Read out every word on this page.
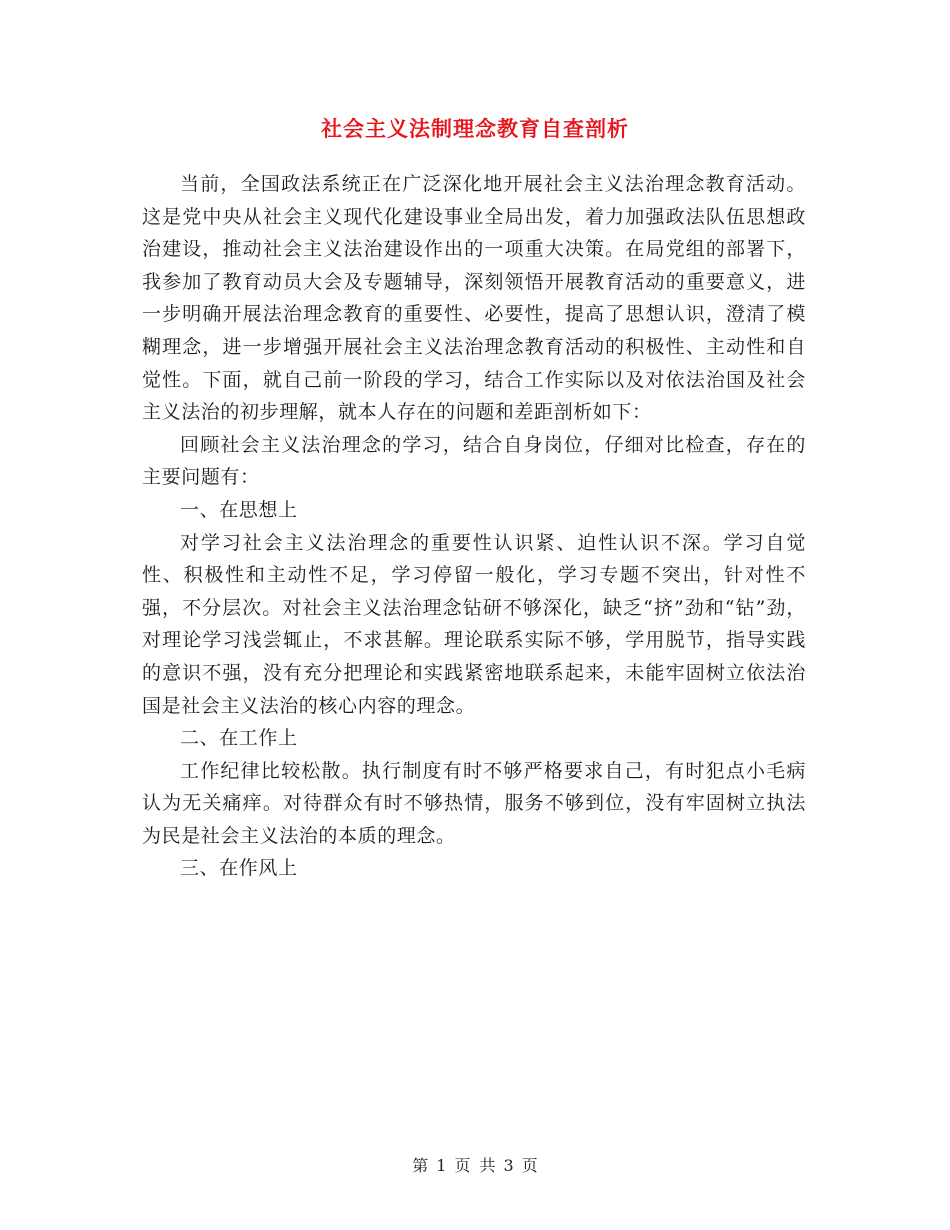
社会主义法制理念教育自查剖析

当前，全国政法系统正在广泛深化地开展社会主义法治理念教育活动。这是党中央从社会主义现代化建设事业全局出发，着力加强政法队伍思想政治建设，推动社会主义法治建设作出的一项重大决策。在局党组的部署下，我参加了教育动员大会及专题辅导，深刻领悟开展教育活动的重要意义，进一步明确开展法治理念教育的重要性、必要性，提高了思想认识，澄清了模糊理念，进一步增强开展社会主义法治理念教育活动的积极性、主动性和自觉性。下面，就自己前一阶段的学习，结合工作实际以及对依法治国及社会主义法治的初步理解，就本人存在的问题和差距剖析如下：

回顾社会主义法治理念的学习，结合自身岗位，仔细对比检查，存在的主要问题有：

一、在思想上

对学习社会主义法治理念的重要性认识紧、迫性认识不深。学习自觉性、积极性和主动性不足，学习停留一般化，学习专题不突出，针对性不强，不分层次。对社会主义法治理念钻研不够深化，缺乏“挤”劲和“钻”劲，对理论学习浅尝辄止，不求甚解。理论联系实际不够，学用脱节，指导实践的意识不强，没有充分把理论和实践紧密地联系起来，未能牢固树立依法治国是社会主义法治的核心内容的理念。

二、在工作上

工作纪律比较松散。执行制度有时不够严格要求自己，有时犯点小毛病认为无关痛痒。对待群众有时不够热情，服务不够到位，没有牢固树立执法为民是社会主义法治的本质的理念。

三、在作风上

第 1 页 共 3 页
